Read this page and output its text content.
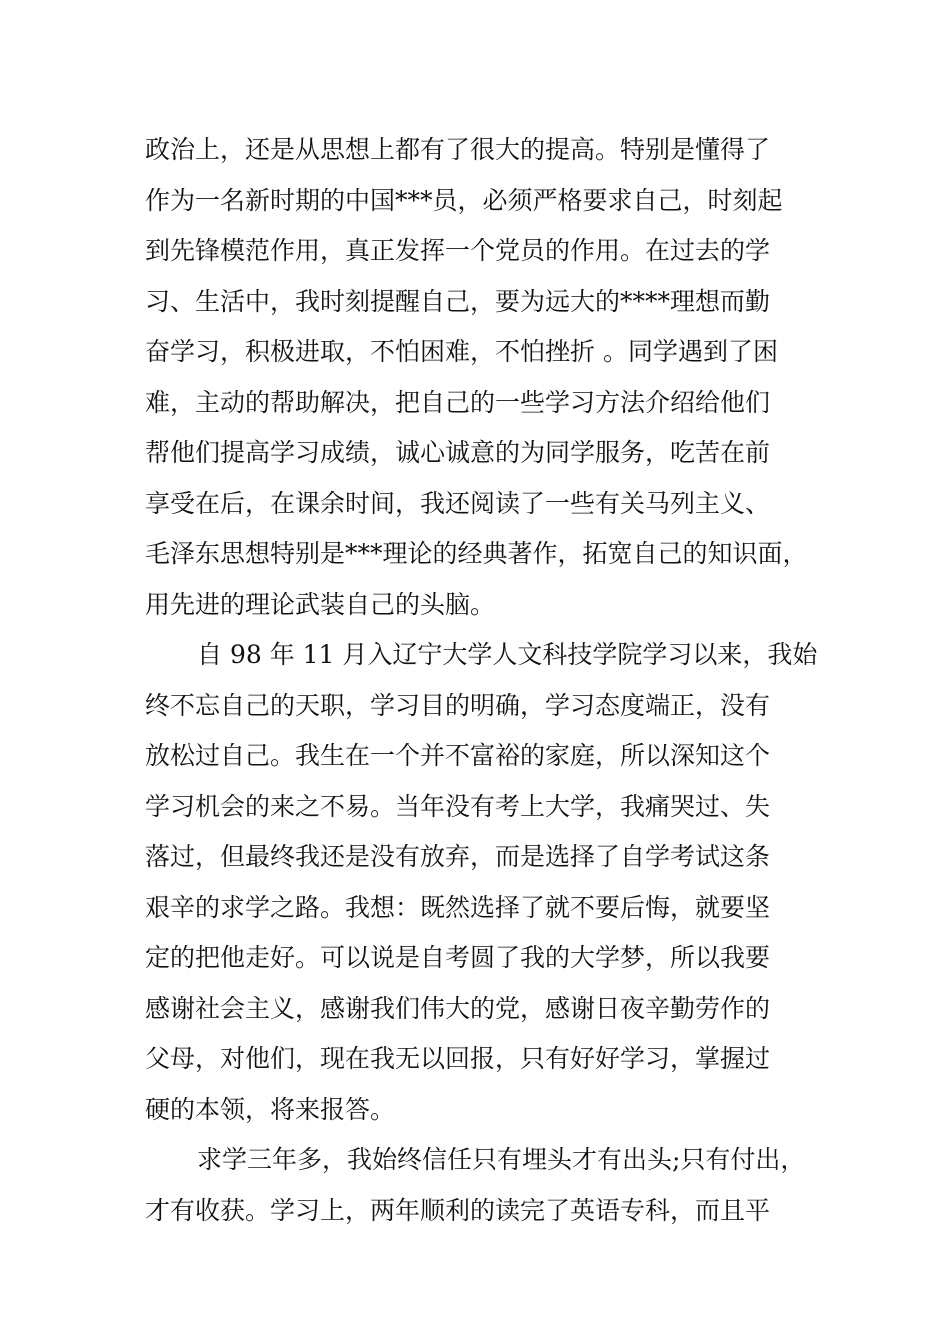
政治上，还是从思想上都有了很大的提高。特别是懂得了
作为一名新时期的中国***员，必须严格要求自己，时刻起
到先锋模范作用，真正发挥一个党员的作用。在过去的学
习、生活中，我时刻提醒自己，要为远大的****理想而勤
奋学习，积极进取，不怕困难，不怕挫折 。同学遇到了困
难，主动的帮助解决，把自己的一些学习方法介绍给他们
帮他们提高学习成绩，诚心诚意的为同学服务，吃苦在前
享受在后，在课余时间，我还阅读了一些有关马列主义、
毛泽东思想特别是***理论的经典著作，拓宽自己的知识面，
用先进的理论武装自己的头脑。
自 98 年 11 月入辽宁大学人文科技学院学习以来，我始
终不忘自己的天职，学习目的明确，学习态度端正，没有
放松过自己。我生在一个并不富裕的家庭，所以深知这个
学习机会的来之不易。当年没有考上大学，我痛哭过、失
落过，但最终我还是没有放弃，而是选择了自学考试这条
艰辛的求学之路。我想：既然选择了就不要后悔，就要坚
定的把他走好。可以说是自考圆了我的大学梦，所以我要
感谢社会主义，感谢我们伟大的党，感谢日夜辛勤劳作的
父母，对他们，现在我无以回报，只有好好学习，掌握过
硬的本领，将来报答。
求学三年多，我始终信任只有埋头才有出头;只有付出，
才有收获。学习上，两年顺利的读完了英语专科，而且平
